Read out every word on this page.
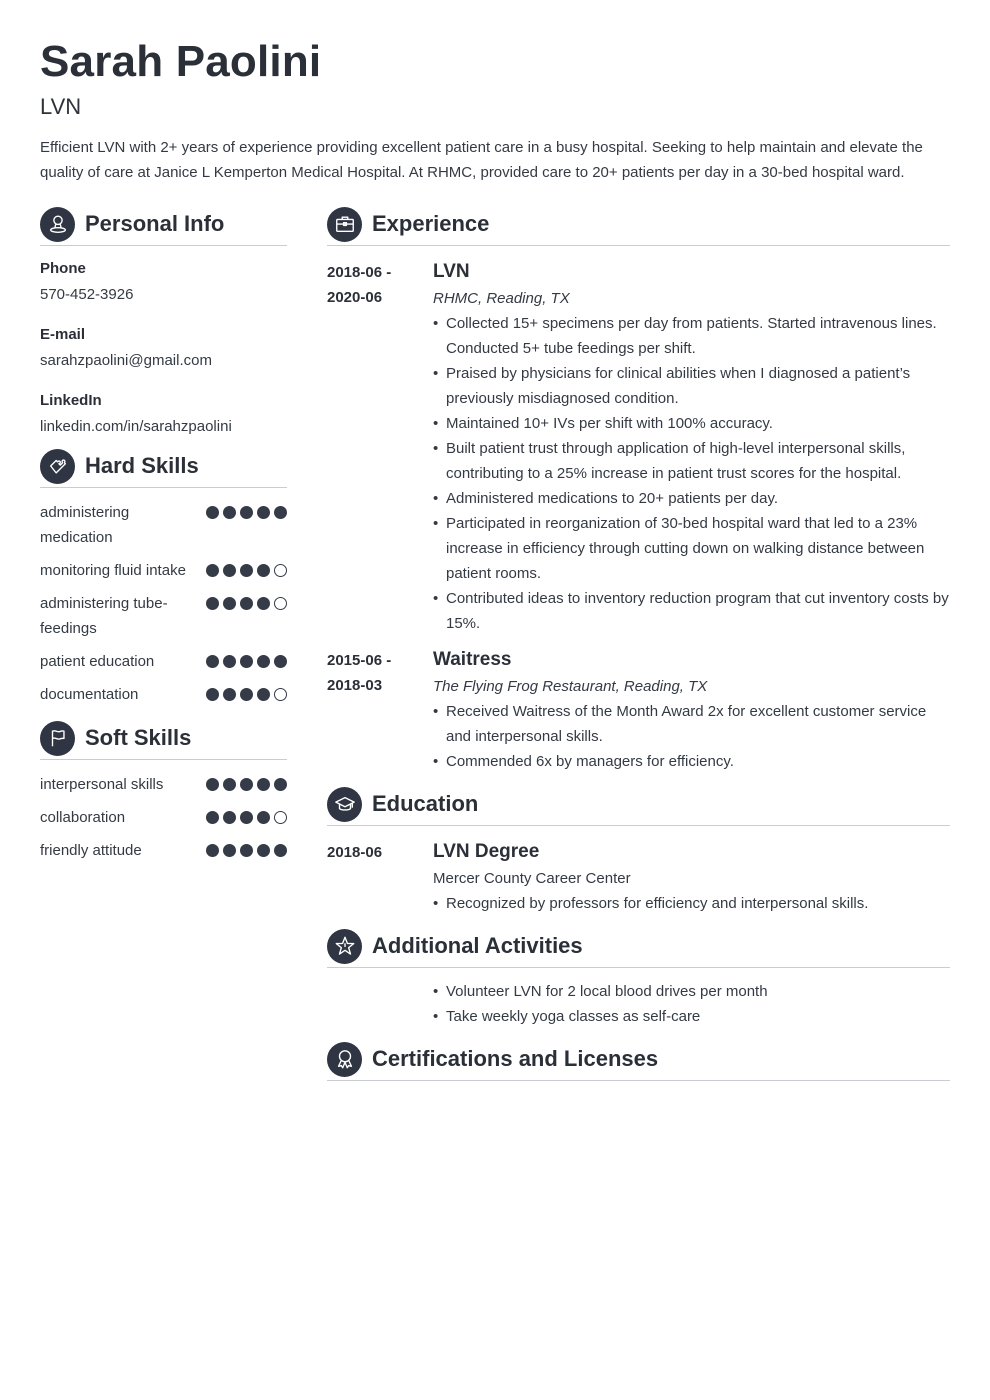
Sarah Paolini
LVN
Efficient LVN with 2+ years of experience providing excellent patient care in a busy hospital. Seeking to help maintain and elevate the quality of care at Janice L Kemperton Medical Hospital. At RHMC, provided care to 20+ patients per day in a 30-bed hospital ward.
Personal Info
Phone
570-452-3926
E-mail
sarahzpaolini@gmail.com
LinkedIn
linkedin.com/in/sarahzpaolini
Hard Skills
administering medication
monitoring fluid intake
administering tube-feedings
patient education
documentation
Soft Skills
interpersonal skills
collaboration
friendly attitude
Experience
2018-06 - 2020-06
LVN
RHMC, Reading, TX
• Collected 15+ specimens per day from patients. Started intravenous lines. Conducted 5+ tube feedings per shift.
• Praised by physicians for clinical abilities when I diagnosed a patient’s previously misdiagnosed condition.
• Maintained 10+ IVs per shift with 100% accuracy.
• Built patient trust through application of high-level interpersonal skills, contributing to a 25% increase in patient trust scores for the hospital.
• Administered medications to 20+ patients per day.
• Participated in reorganization of 30-bed hospital ward that led to a 23% increase in efficiency through cutting down on walking distance between patient rooms.
• Contributed ideas to inventory reduction program that cut inventory costs by 15%.
2015-06 - 2018-03
Waitress
The Flying Frog Restaurant, Reading, TX
• Received Waitress of the Month Award 2x for excellent customer service and interpersonal skills.
• Commended 6x by managers for efficiency.
Education
2018-06	LVN Degree
Mercer County Career Center
• Recognized by professors for efficiency and interpersonal skills.
Additional Activities
• Volunteer LVN for 2 local blood drives per month
• Take weekly yoga classes as self-care
Certifications and Licenses
